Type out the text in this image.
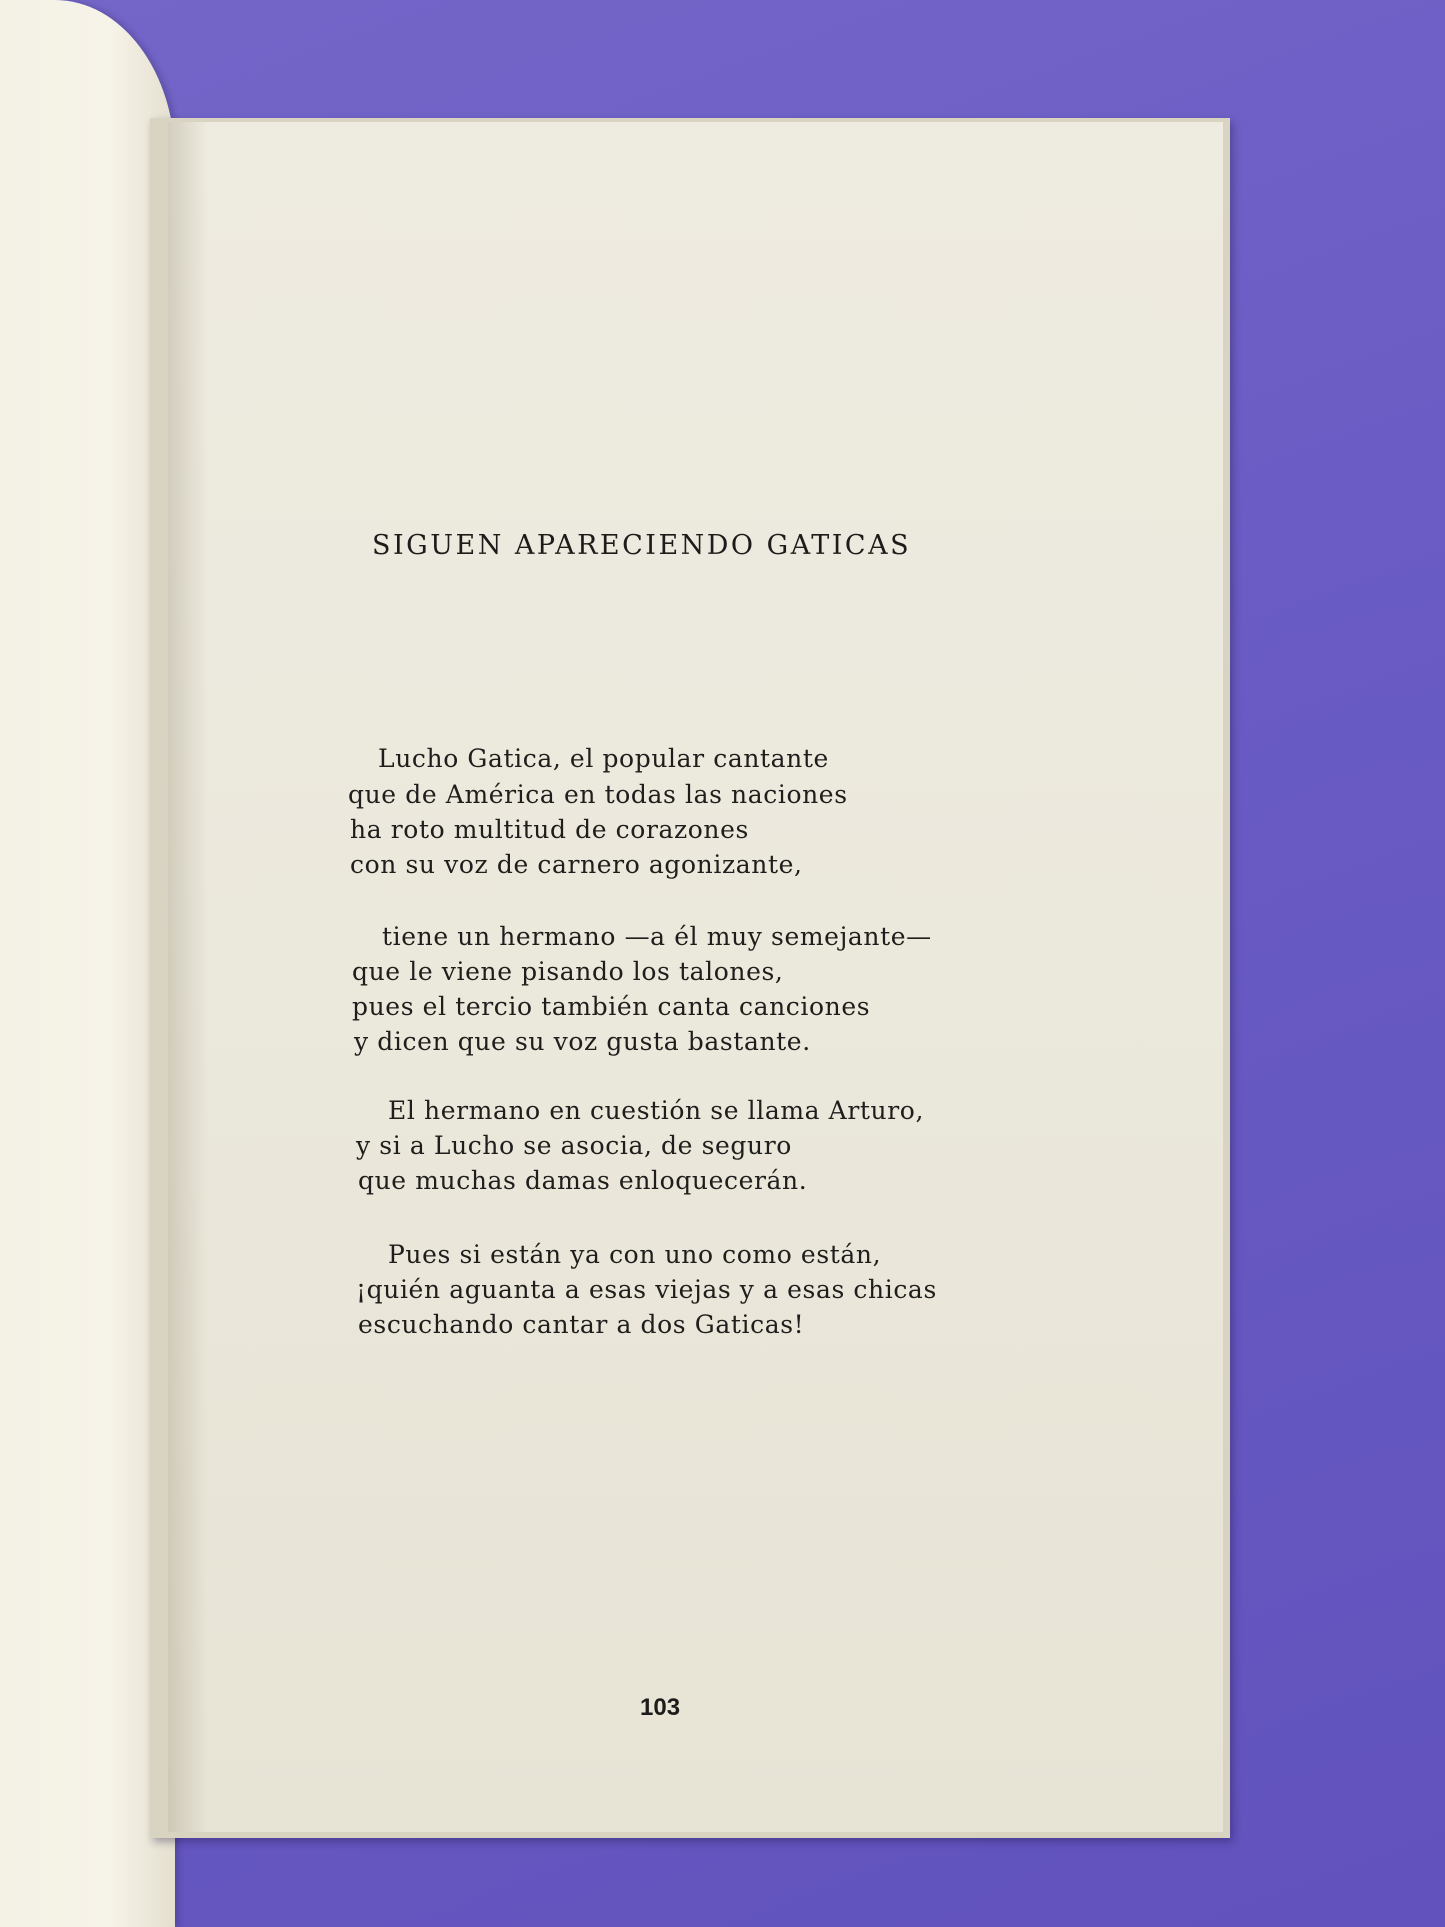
SIGUEN APARECIENDO GATICAS
Lucho Gatica, el popular cantante
que de América en todas las naciones
ha roto multitud de corazones
con su voz de carnero agonizante,
tiene un hermano —a él muy semejante—
que le viene pisando los talones,
pues el tercio también canta canciones
y dicen que su voz gusta bastante.
El hermano en cuestión se llama Arturo,
y si a Lucho se asocia, de seguro
que muchas damas enloquecerán.
Pues si están ya con uno como están,
¡quién aguanta a esas viejas y a esas chicas
escuchando cantar a dos Gaticas!
103
